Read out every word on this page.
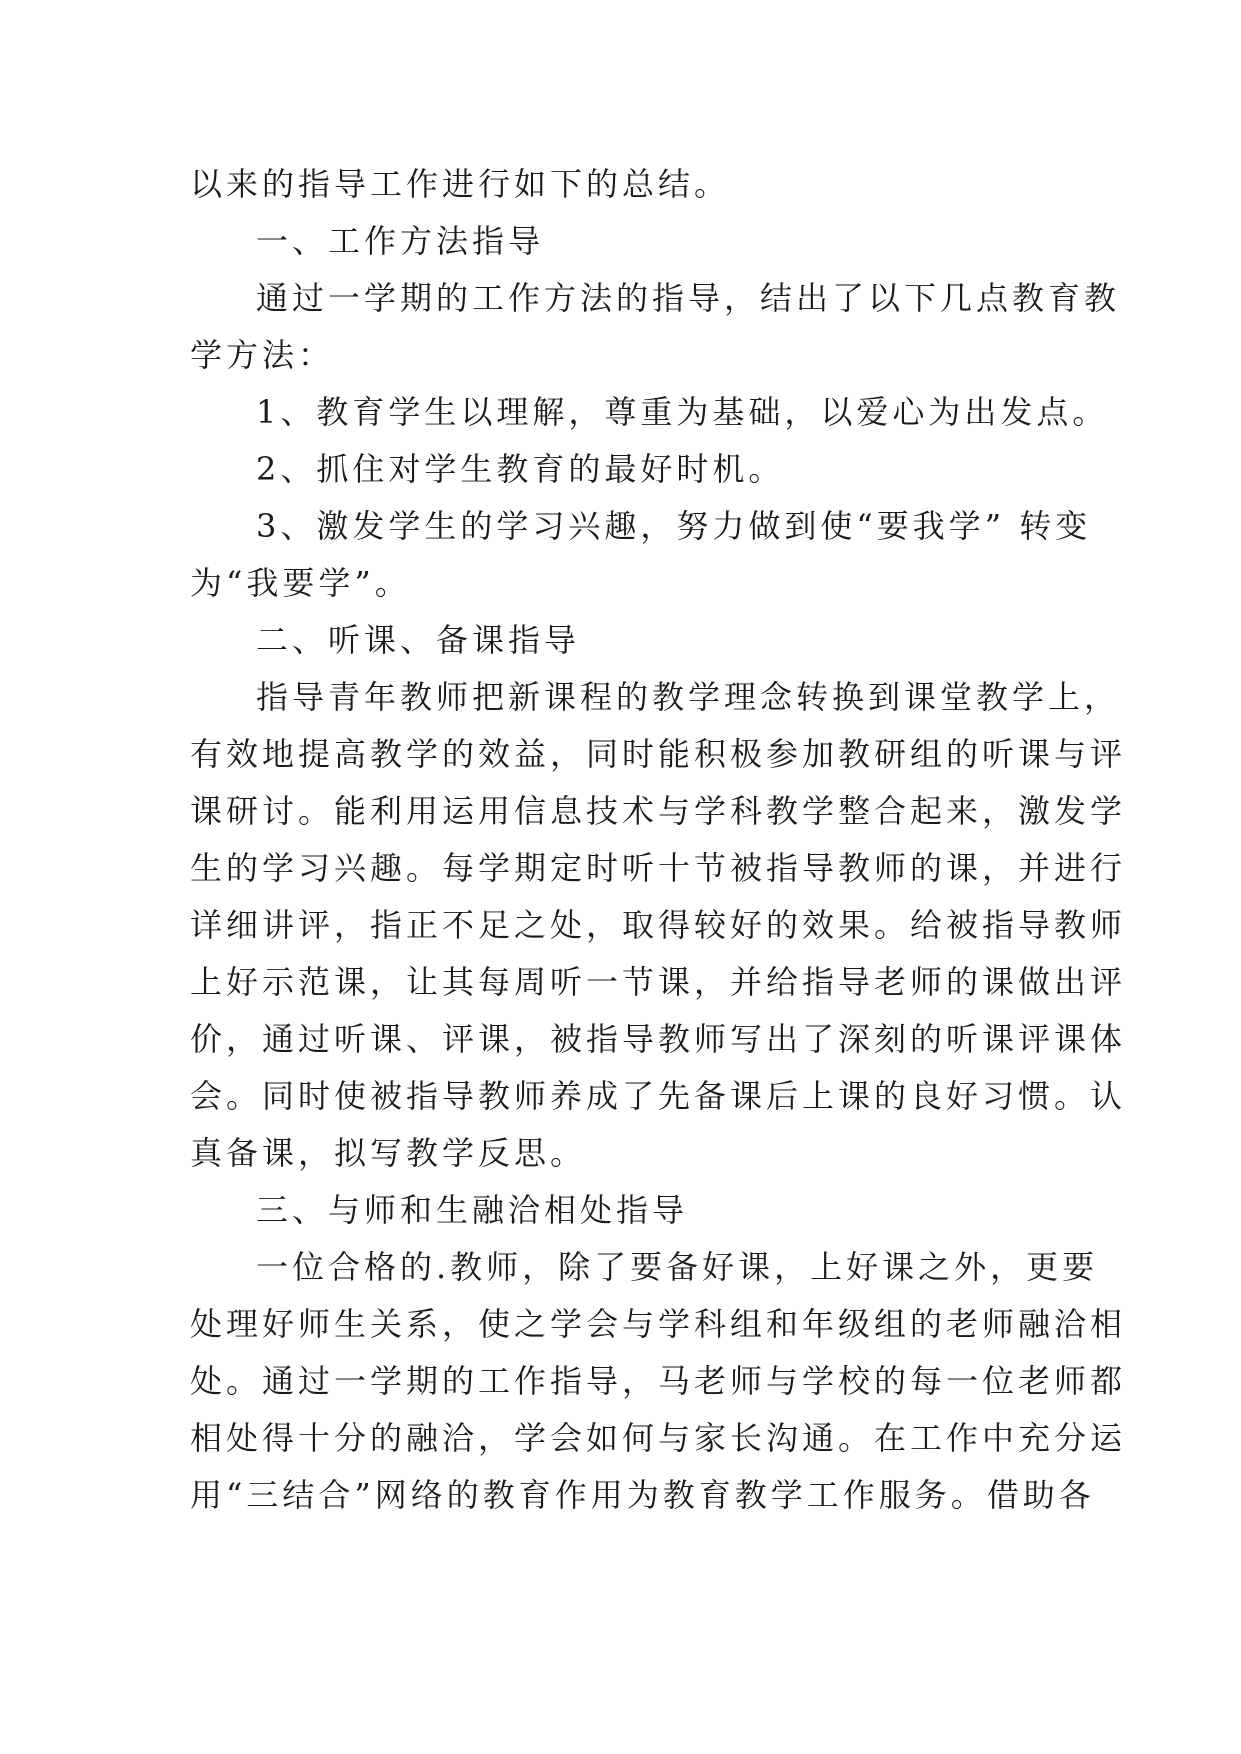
以来的指导工作进行如下的总结。

一、工作方法指导

通过一学期的工作方法的指导，结出了以下几点教育教

学方法：

1、教育学生以理解，尊重为基础，以爱心为出发点。

2、抓住对学生教育的最好时机。

3、激发学生的学习兴趣，努力做到使“要我学” 转变

为“我要学”。

二、听课、备课指导

指导青年教师把新课程的教学理念转换到课堂教学上，

有效地提高教学的效益，同时能积极参加教研组的听课与评

课研讨。能利用运用信息技术与学科教学整合起来，激发学

生的学习兴趣。每学期定时听十节被指导教师的课，并进行

详细讲评，指正不足之处，取得较好的效果。给被指导教师

上好示范课，让其每周听一节课，并给指导老师的课做出评

价，通过听课、评课，被指导教师写出了深刻的听课评课体

会。同时使被指导教师养成了先备课后上课的良好习惯。认

真备课，拟写教学反思。

三、与师和生融洽相处指导

一位合格的.教师，除了要备好课，上好课之外，更要

处理好师生关系，使之学会与学科组和年级组的老师融洽相

处。通过一学期的工作指导，马老师与学校的每一位老师都

相处得十分的融洽，学会如何与家长沟通。在工作中充分运

用“三结合”网络的教育作用为教育教学工作服务。借助各
